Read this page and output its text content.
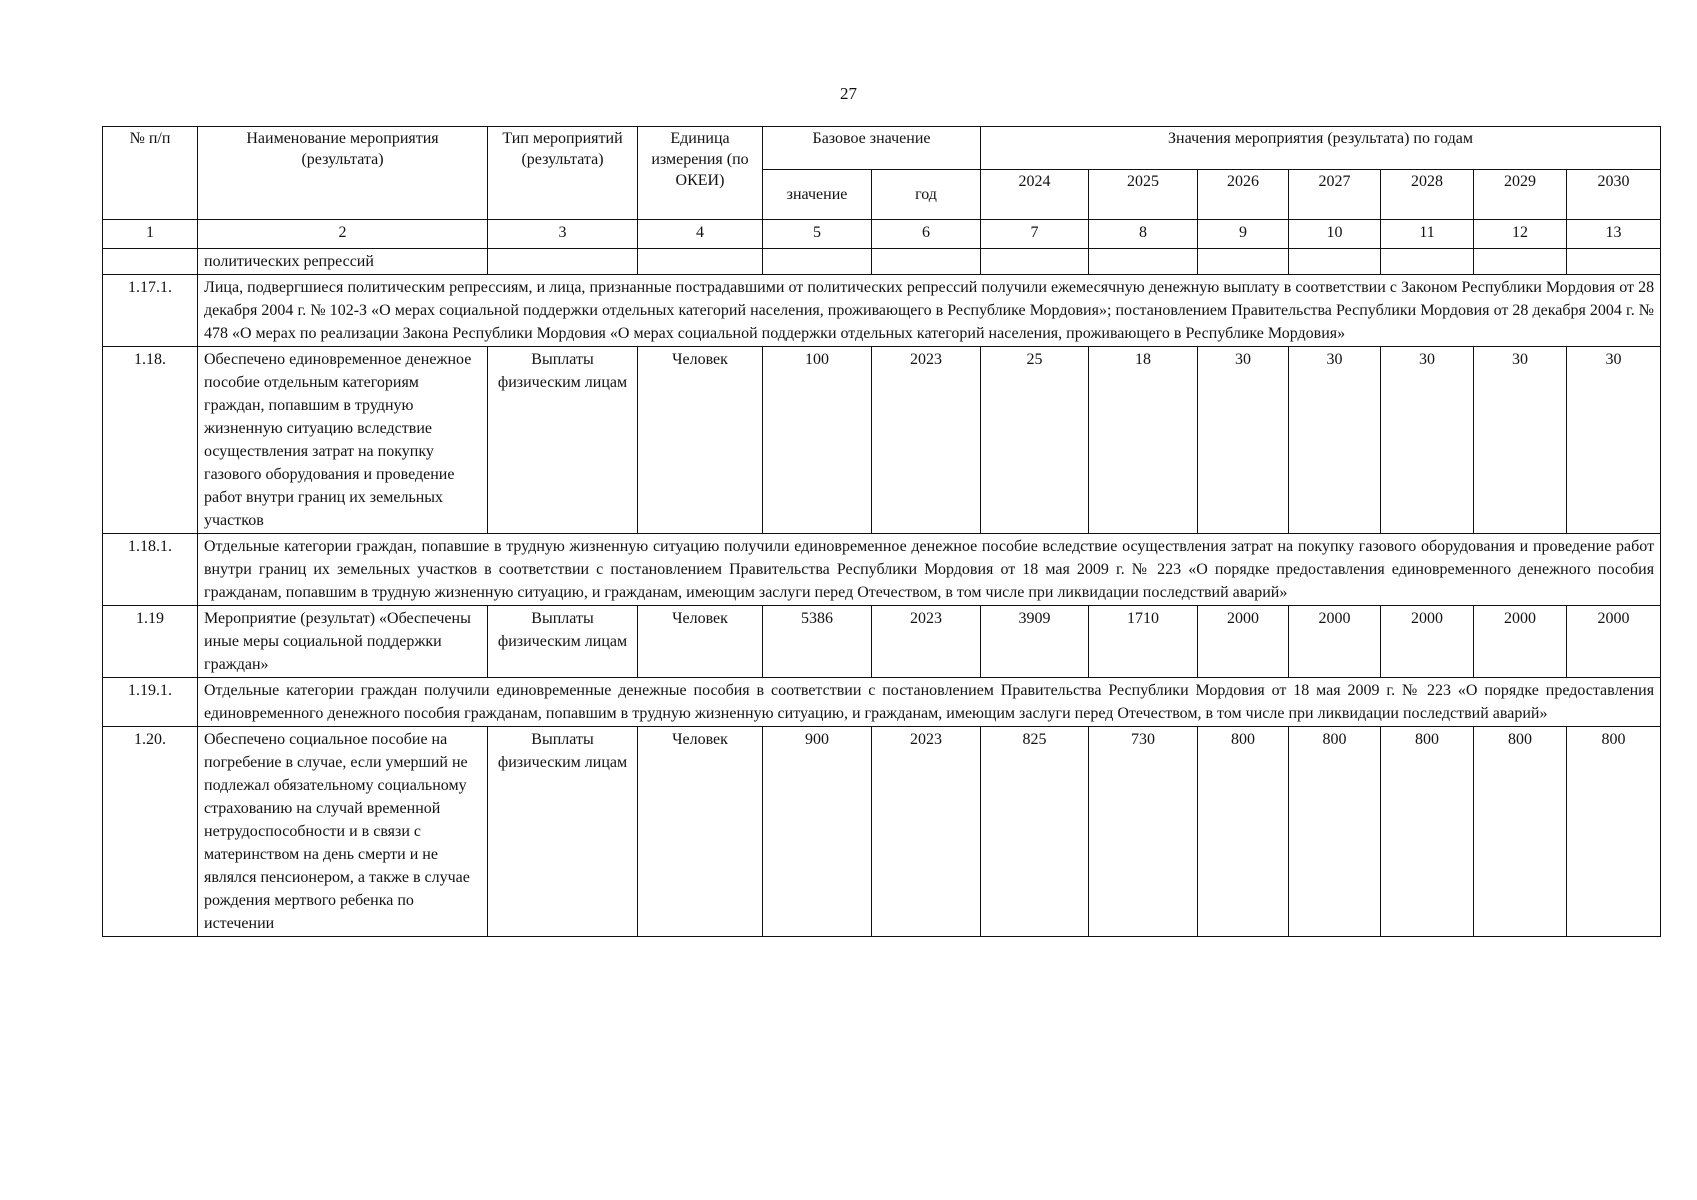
27
№ п/п	Наименование мероприятия (результата)	Тип мероприятий (результата)	Единица измерения (по ОКЕИ)	Базовое значение		Значения мероприятия (результата) по годам						
				значение	год	2024	2025	2026	2027	2028	2029	2030
1	2	3	4	5	6	7	8	9	10	11	12	13
	политических репрессий											
1.17.1.	Лица, подвергшиеся политическим репрессиям, и лица, признанные пострадавшими от политических репрессий получили ежемесячную денежную выплату в соответствии с Законом Республики Мордовия от 28 декабря 2004 г. № 102-З «О мерах социальной поддержки отдельных категорий населения, проживающего в Республике Мордовия»; постановлением Правительства Республики Мордовия от 28 декабря 2004 г. № 478 «О мерах по реализации Закона Республики Мордовия «О мерах социальной поддержки отдельных категорий населения, проживающего в Республике Мордовия»											
1.18.	Обеспечено единовременное денежное пособие отдельным категориям граждан, попавшим в трудную жизненную ситуацию вследствие осуществления затрат на покупку газового оборудования и проведение работ внутри границ их земельных участков	Выплаты физическим лицам	Человек	100	2023	25	18	30	30	30	30	30
1.18.1.	Отдельные категории граждан, попавшие в трудную жизненную ситуацию получили единовременное денежное пособие вследствие осуществления затрат на покупку газового оборудования и проведение работ внутри границ их земельных участков в соответствии с постановлением Правительства Республики Мордовия от 18 мая 2009 г. № 223 «О порядке предоставления единовременного денежного пособия гражданам, попавшим в трудную жизненную ситуацию, и гражданам, имеющим заслуги перед Отечеством, в том числе при ликвидации последствий аварий»											
1.19	Мероприятие (результат) «Обеспечены иные меры социальной поддержки граждан»	Выплаты физическим лицам	Человек	5386	2023	3909	1710	2000	2000	2000	2000	2000
1.19.1.	Отдельные категории граждан получили единовременные денежные пособия в соответствии с постановлением Правительства Республики Мордовия от 18 мая 2009 г. № 223 «О порядке предоставления единовременного денежного пособия гражданам, попавшим в трудную жизненную ситуацию, и гражданам, имеющим заслуги перед Отечеством, в том числе при ликвидации последствий аварий»											
1.20.	Обеспечено социальное пособие на погребение в случае, если умерший не подлежал обязательному социальному страхованию на случай временной нетрудоспособности и в связи с материнством на день смерти и не являлся пенсионером, а также в случае рождения мертвого ребенка по истечении	Выплаты физическим лицам	Человек	900	2023	825	730	800	800	800	800	800
